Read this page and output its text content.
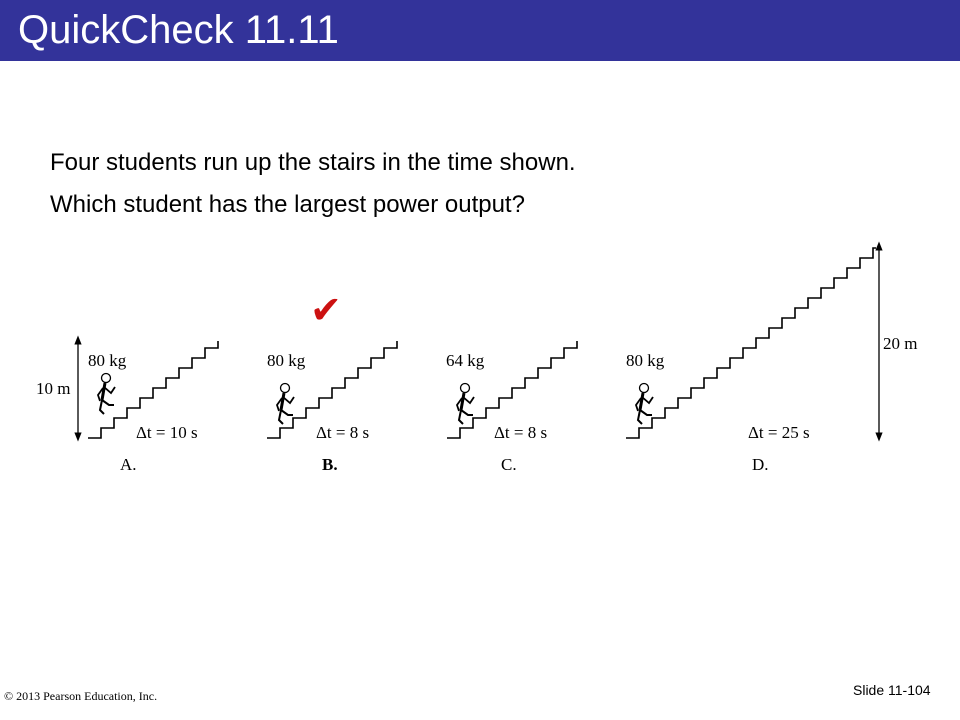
QuickCheck 11.11
Four students run up the stairs in the time shown.
Which student has the largest power output?
10 m
80 kg
Δt = 10 s
A.
80 kg
Δt = 8 s
B.
✔
64 kg
Δt = 8 s
C.
80 kg
Δt = 25 s
D.
20 m
© 2013 Pearson Education, Inc.	Slide 11-104
